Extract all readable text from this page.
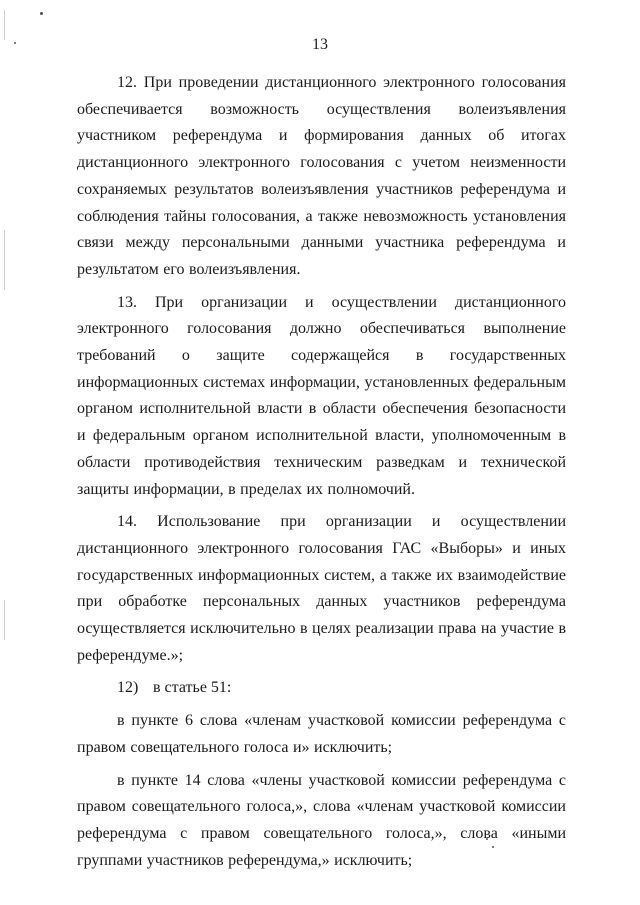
13

12. При проведении дистанционного электронного голосования обеспечивается возможность осуществления волеизъявления участником референдума и формирования данных об итогах дистанционного электронного голосования с учетом неизменности сохраняемых результатов волеизъявления участников референдума и соблюдения тайны голосования, а также невозможность установления связи между персональными данными участника референдума и результатом его волеизъявления.

13. При организации и осуществлении дистанционного электронного голосования должно обеспечиваться выполнение требований о защите содержащейся в государственных информационных системах информации, установленных федеральным органом исполнительной власти в области обеспечения безопасности и федеральным органом исполнительной власти, уполномоченным в области противодействия техническим разведкам и технической защиты информации, в пределах их полномочий.

14. Использование при организации и осуществлении дистанционного электронного голосования ГАС «Выборы» и иных государственных информационных систем, а также их взаимодействие при обработке персональных данных участников референдума осуществляется исключительно в целях реализации права на участие в референдуме.»;

12) в статье 51:

в пункте 6 слова «членам участковой комиссии референдума с правом совещательного голоса и» исключить;

в пункте 14 слова «члены участковой комиссии референдума с правом совещательного голоса,», слова «членам участковой комиссии референдума с правом совещательного голоса,», слова «иными группами участников референдума,» исключить;
